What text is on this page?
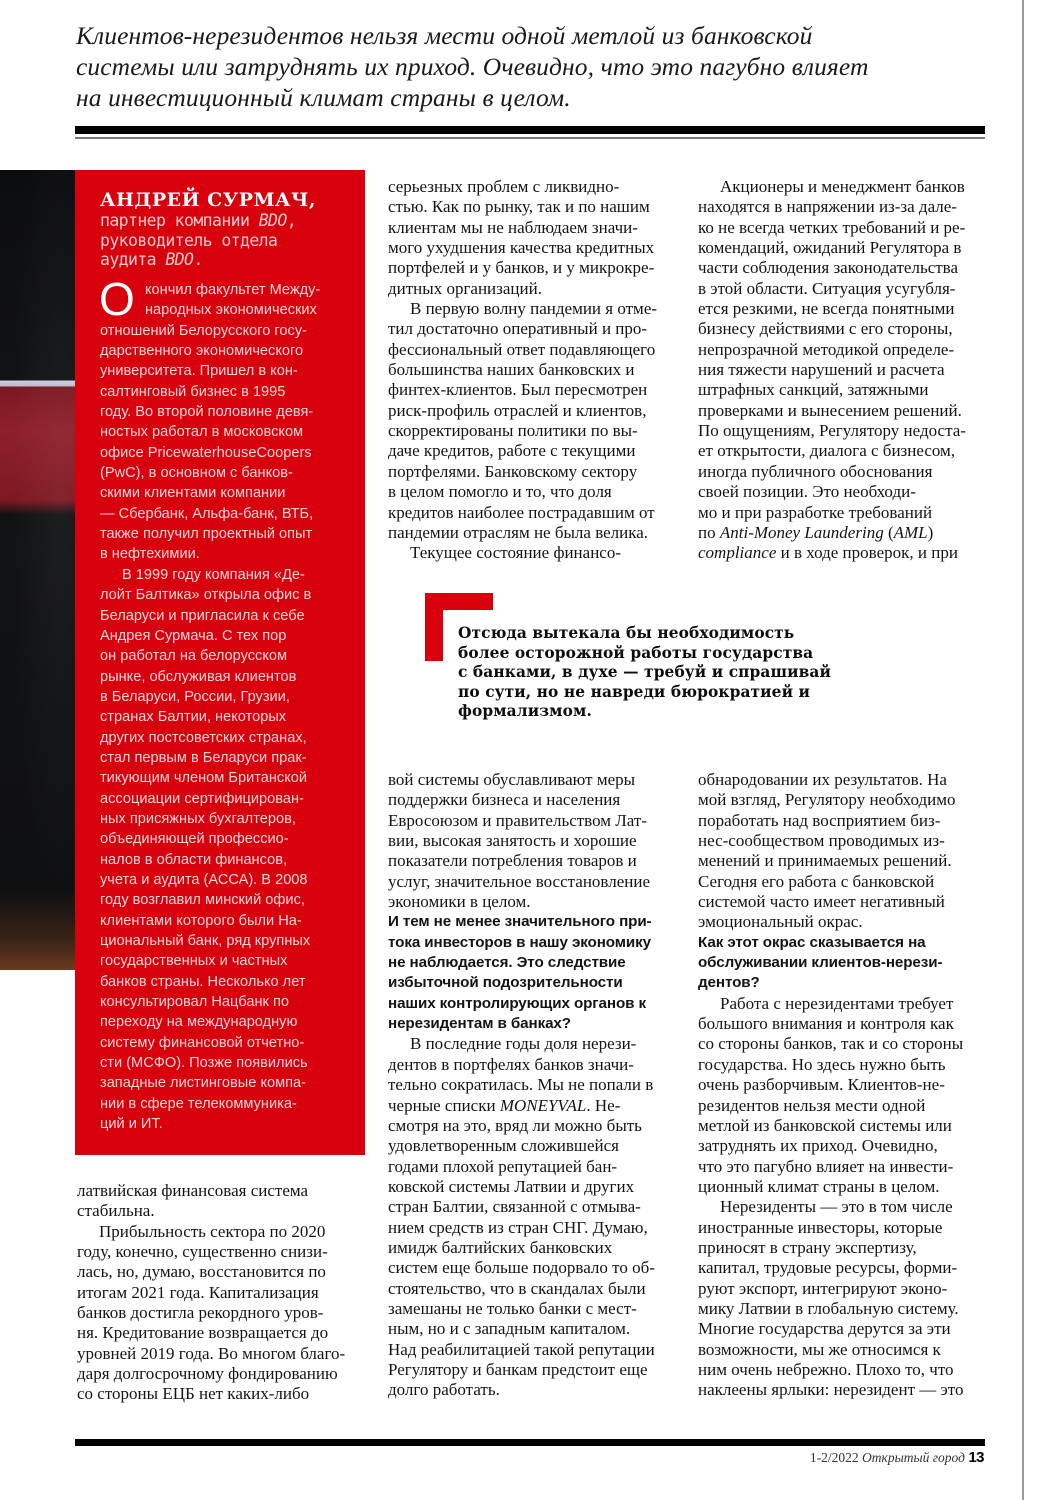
Клиентов-нерезидентов нельзя мести одной метлой из банковской
системы или затруднять их приход. Очевидно, что это пагубно влияет
на инвестиционный климат страны в целом.
АНДРЕЙ СУРМАЧ,
партнер компании BDO,
руководитель отдела
аудита BDO.
О кончил факультет Между-
народных экономических
отношений Белорусского госу-
дарственного экономического
университета. Пришел в кон-
салтинговый бизнес в 1995
году. Во второй половине девя-
ностых работал в московском
офисе PricewaterhouseCoopers
(PwC), в основном с банков-
скими клиентами компании
— Сбербанк, Альфа-банк, ВТБ,
также получил проектный опыт
в нефтехимии.
В 1999 году компания «Де-
лойт Балтика» открыла офис в
Беларуси и пригласила к себе
Андрея Сурмача. С тех пор
он работал на белорусском
рынке, обслуживая клиентов
в Беларуси, России, Грузии,
странах Балтии, некоторых
других постсоветских странах,
стал первым в Беларуси прак-
тикующим членом Британской
ассоциации сертифицирован-
ных присяжных бухгалтеров,
объединяющей профессио-
налов в области финансов,
учета и аудита (АССА). В 2008
году возглавил минский офис,
клиентами которого были На-
циональный банк, ряд крупных
государственных и частных
банков страны. Несколько лет
консультировал Нацбанк по
переходу на международную
систему финансовой отчетно-
сти (МСФО). Позже появились
западные листинговые компа-
нии в сфере телекоммуника-
ций и ИТ.
латвийская финансовая система
стабильна.
Прибыльность сектора по 2020
году, конечно, существенно снизи-
лась, но, думаю, восстановится по
итогам 2021 года. Капитализация
банков достигла рекордного уров-
ня. Кредитование возвращается до
уровней 2019 года. Во многом благо-
даря долгосрочному фондированию
со стороны ЕЦБ нет каких-либо
серьезных проблем с ликвидно-
стью. Как по рынку, так и по нашим
клиентам мы не наблюдаем значи-
мого ухудшения качества кредитных
портфелей и у банков, и у микрокре-
дитных организаций.
В первую волну пандемии я отме-
тил достаточно оперативный и про-
фессиональный ответ подавляющего
большинства наших банковских и
финтех-клиентов. Был пересмотрен
риск-профиль отраслей и клиентов,
скорректированы политики по вы-
даче кредитов, работе с текущими
портфелями. Банковскому сектору
в целом помогло и то, что доля
кредитов наиболее пострадавшим от
пандемии отраслям не была велика.
Текущее состояние финансо-
Акционеры и менеджмент банков
находятся в напряжении из-за дале-
ко не всегда четких требований и ре-
комендаций, ожиданий Регулятора в
части соблюдения законодательства
в этой области. Ситуация усугубля-
ется резкими, не всегда понятными
бизнесу действиями с его стороны,
непрозрачной методикой определе-
ния тяжести нарушений и расчета
штрафных санкций, затяжными
проверками и вынесением решений.
По ощущениям, Регулятору недоста-
ет открытости, диалога с бизнесом,
иногда публичного обоснования
своей позиции. Это необходи-
мо и при разработке требований
по Anti-Money Laundering (AML)
compliance и в ходе проверок, и при
Отсюда вытекала бы необходимость
более осторожной работы государства
с банками, в духе — требуй и спрашивай
по сути, но не навреди бюрократией и
формализмом.
вой системы обуславливают меры
поддержки бизнеса и населения
Евросоюзом и правительством Лат-
вии, высокая занятость и хорошие
показатели потребления товаров и
услуг, значительное восстановление
экономики в целом.
И тем не менее значительного при-
тока инвесторов в нашу экономику
не наблюдается. Это следствие
избыточной подозрительности
наших контролирующих органов к
нерезидентам в банках?
В последние годы доля нерези-
дентов в портфелях банков значи-
тельно сократилась. Мы не попали в
черные списки MONEYVAL. Не-
смотря на это, вряд ли можно быть
удовлетворенным сложившейся
годами плохой репутацией бан-
ковской системы Латвии и других
стран Балтии, связанной с отмыва-
нием средств из стран СНГ. Думаю,
имидж балтийских банковских
систем еще больше подорвало то об-
стоятельство, что в скандалах были
замешаны не только банки с мест-
ным, но и с западным капиталом.
Над реабилитацией такой репутации
Регулятору и банкам предстоит еще
долго работать.
обнародовании их результатов. На
мой взгляд, Регулятору необходимо
поработать над восприятием биз-
нес-сообществом проводимых из-
менений и принимаемых решений.
Сегодня его работа с банковской
системой часто имеет негативный
эмоциональный окрас.
Как этот окрас сказывается на
обслуживании клиентов-нерези-
дентов?
Работа с нерезидентами требует
большого внимания и контроля как
со стороны банков, так и со стороны
государства. Но здесь нужно быть
очень разборчивым. Клиентов-не-
резидентов нельзя мести одной
метлой из банковской системы или
затруднять их приход. Очевидно,
что это пагубно влияет на инвести-
ционный климат страны в целом.
Нерезиденты — это в том числе
иностранные инвесторы, которые
приносят в страну экспертизу,
капитал, трудовые ресурсы, форми-
руют экспорт, интегрируют эконо-
мику Латвии в глобальную систему.
Многие государства дерутся за эти
возможности, мы же относимся к
ним очень небрежно. Плохо то, что
наклеены ярлыки: нерезидент — это
1-2/2022 Открытый город 13
